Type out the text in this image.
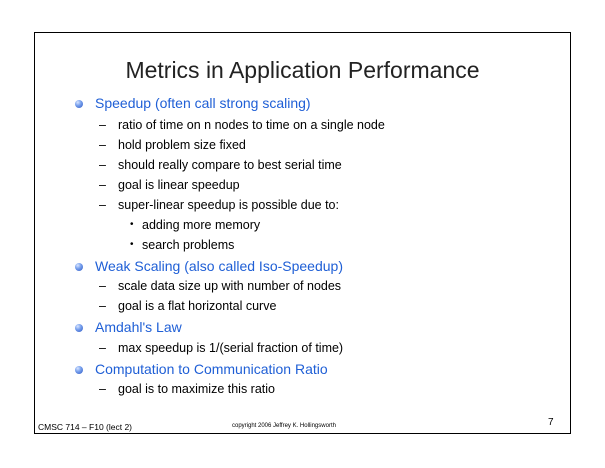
Metrics in Application Performance
Speedup (often call strong scaling)
– ratio of time on n nodes to time on a single node
– hold problem size fixed
– should really compare to best serial time
– goal is linear speedup
– super-linear speedup is possible due to:
• adding more memory
• search problems
Weak Scaling (also called Iso-Speedup)
– scale data size up with number of nodes
– goal is a flat horizontal curve
Amdahl's Law
– max speedup is 1/(serial fraction of time)
Computation to Communication Ratio
– goal is to maximize this ratio
CMSC 714 – F10 (lect 2)	copyright 2006 Jeffrey K. Hollingsworth	7
